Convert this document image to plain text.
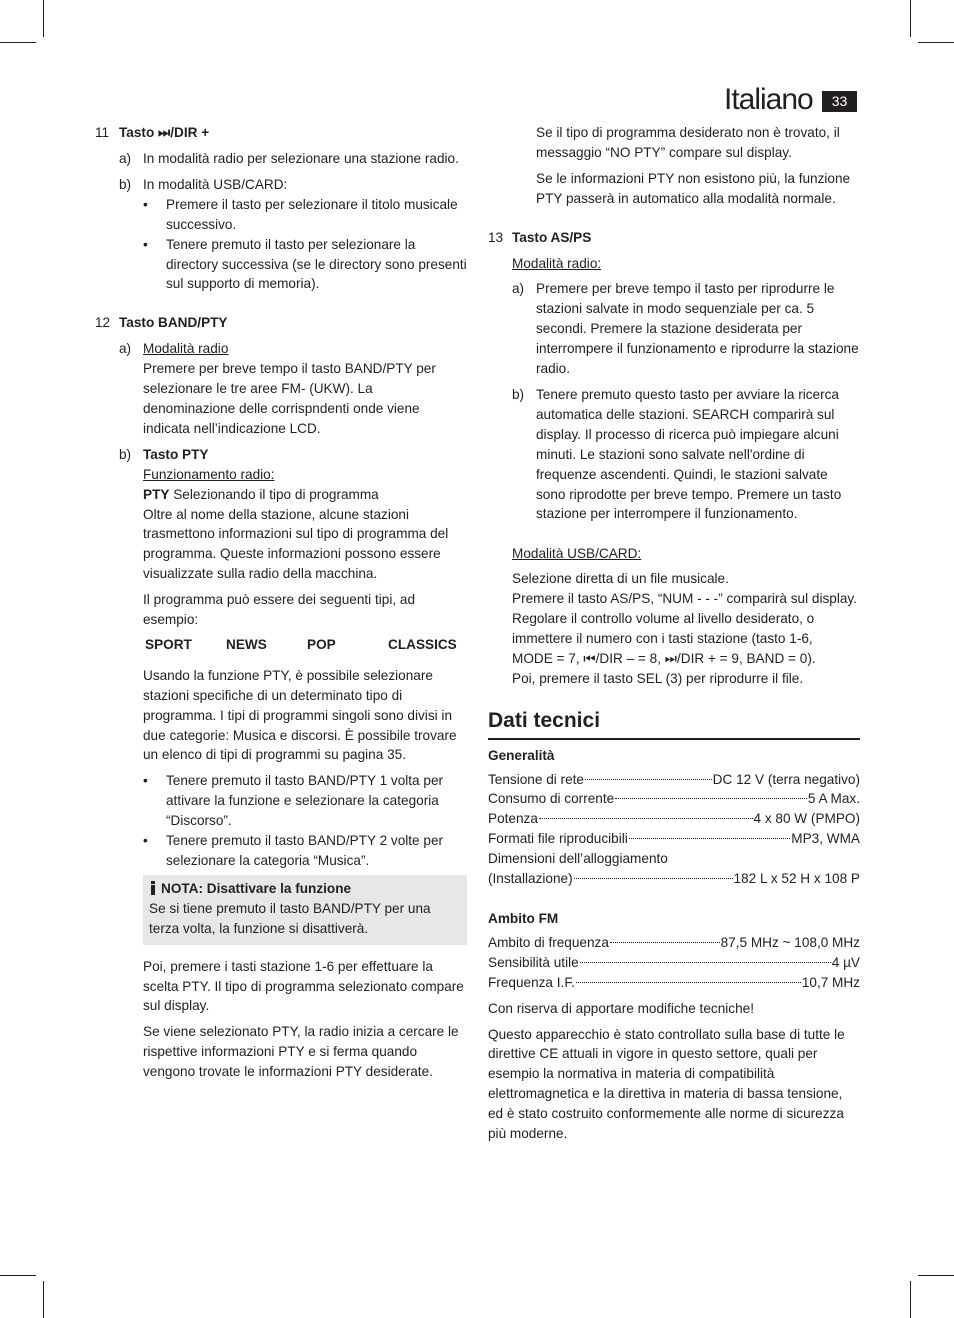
Italiano	33
11 Tasto ⏭/DIR +
a) In modalità radio per selezionare una stazione radio.

b) In modalità USB/CARD:

•	Premere il tasto per selezionare il titolo musicale successivo.

•	Tenere premuto il tasto per selezionare la directory successiva (se le directory sono presenti sul supporto di memoria).

12 Tasto BAND/PTY
a) Modalità radio

Premere per breve tempo il tasto BAND/PTY per selezionare le tre aree FM- (UKW). La denominazione delle corrispndenti onde viene indicata nell’indicazione LCD.

b) Tasto PTY

Funzionamento radio:

PTY Selezionando il tipo di programma

Oltre al nome della stazione, alcune stazioni trasmettono informazioni sul tipo di programma del programma. Queste informazioni possono essere visualizzate sulla radio della macchina.

Il programma può essere dei seguenti tipi, ad esempio:

SPORT	NEWS	POP	CLASSICS

Usando la funzione PTY, è possibile selezionare stazioni specifiche di un determinato tipo di programma. I tipi di programmi singoli sono divisi in due categorie: Musica e discorsi. È possibile trovare un elenco di tipi di programmi su pagina 35.

•	Tenere premuto il tasto BAND/PTY 1 volta per attivare la funzione e selezionare la categoria “Discorso”.

•	Tenere premuto il tasto BAND/PTY 2 volte per selezionare la categoria “Musica”.

NOTA: Disattivare la funzione

Se si tiene premuto il tasto BAND/PTY per una terza volta, la funzione si disattiverà.

Poi, premere i tasti stazione 1-6 per effettuare la scelta PTY. Il tipo di programma selezionato compare sul display.

Se viene selezionato PTY, la radio inizia a cercare le rispettive informazioni PTY e si ferma quando vengono trovate le informazioni PTY desiderate.

Se il tipo di programma desiderato non è trovato, il messaggio “NO PTY” compare sul display.

Se le informazioni PTY non esistono più, la funzione PTY passerà in automatico alla modalità normale.

13 Tasto AS/PS

Modalità radio:

a) Premere per breve tempo il tasto per riprodurre le stazioni salvate in modo sequenziale per ca. 5 secondi. Premere la stazione desiderata per interrompere il funzionamento e riprodurre la stazione radio.

b) Tenere premuto questo tasto per avviare la ricerca automatica delle stazioni. SEARCH comparirà sul display. Il processo di ricerca può impiegare alcuni minuti. Le stazioni sono salvate nell'ordine di frequenze ascendenti. Quindi, le stazioni salvate sono riprodotte per breve tempo. Premere un tasto stazione per interrompere il funzionamento.

Modalità USB/CARD:

Selezione diretta di un file musicale.

Premere il tasto AS/PS, “NUM - - -” comparirà sul display. Regolare il controllo volume al livello desiderato, o immettere il numero con i tasti stazione (tasto 1-6,

MODE = 7, ⏮/DIR – = 8, ⏭/DIR + = 9, BAND = 0).

Poi, premere il tasto SEL (3) per riprodurre il file.

Dati tecnici

Generalità

Tensione di rete	DC 12 V (terra negativo)
Consumo di corrente	5 A Max.
Potenza	4 x 80 W (PMPO)
Formati file riproducibili	MP3, WMA

Dimensioni dell’alloggiamento

(Installazione)	182 L x 52 H x 108 P

Ambito FM

Ambito di frequenza	87,5 MHz ~ 108,0 MHz
Sensibilità utile	4 µV
Frequenza I.F.	10,7 MHz

Con riserva di apportare modifiche tecniche!

Questo apparecchio è stato controllato sulla base di tutte le direttive CE attuali in vigore in questo settore, quali per esempio la normativa in materia di compatibilità elettromagnetica e la direttiva in materia di bassa tensione, ed è stato costruito conformemente alle norme di sicurezza più moderne.
